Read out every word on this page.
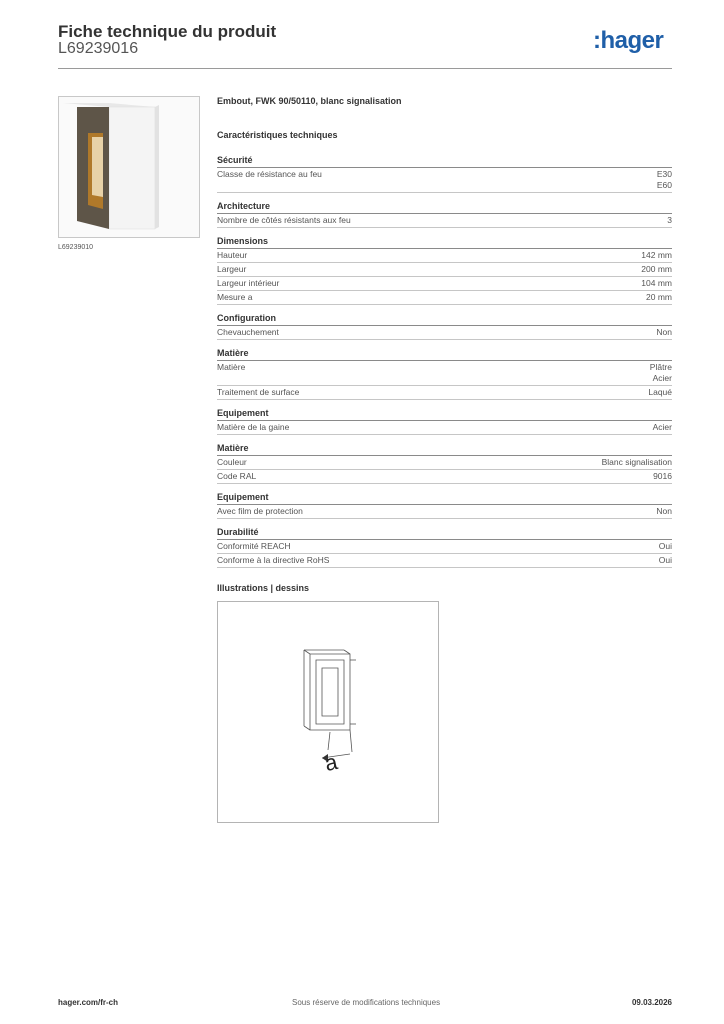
Fiche technique du produit
L69239016	:hager
L69239010
Embout, FWK 90/50110, blanc signalisation
Caractéristiques techniques
Sécurité
Classe de résistance au feu	E30
E60
Architecture
Nombre de côtés résistants aux feu	3
Dimensions
Hauteur	142 mm
Largeur	200 mm
Largeur intérieur	104 mm
Mesure a	20 mm
Configuration
Chevauchement	Non
Matière
Matière	Plâtre
Acier
Traitement de surface	Laqué
Equipement
Matière de la gaine	Acier
Matière
Couleur	Blanc signalisation
Code RAL	9016
Equipement
Avec film de protection	Non
Durabilité
Conformité REACH	Oui
Conforme à la directive RoHS	Oui
Illustrations | dessins
a
hager.com/fr-ch	Sous réserve de modifications techniques	09.03.2026
